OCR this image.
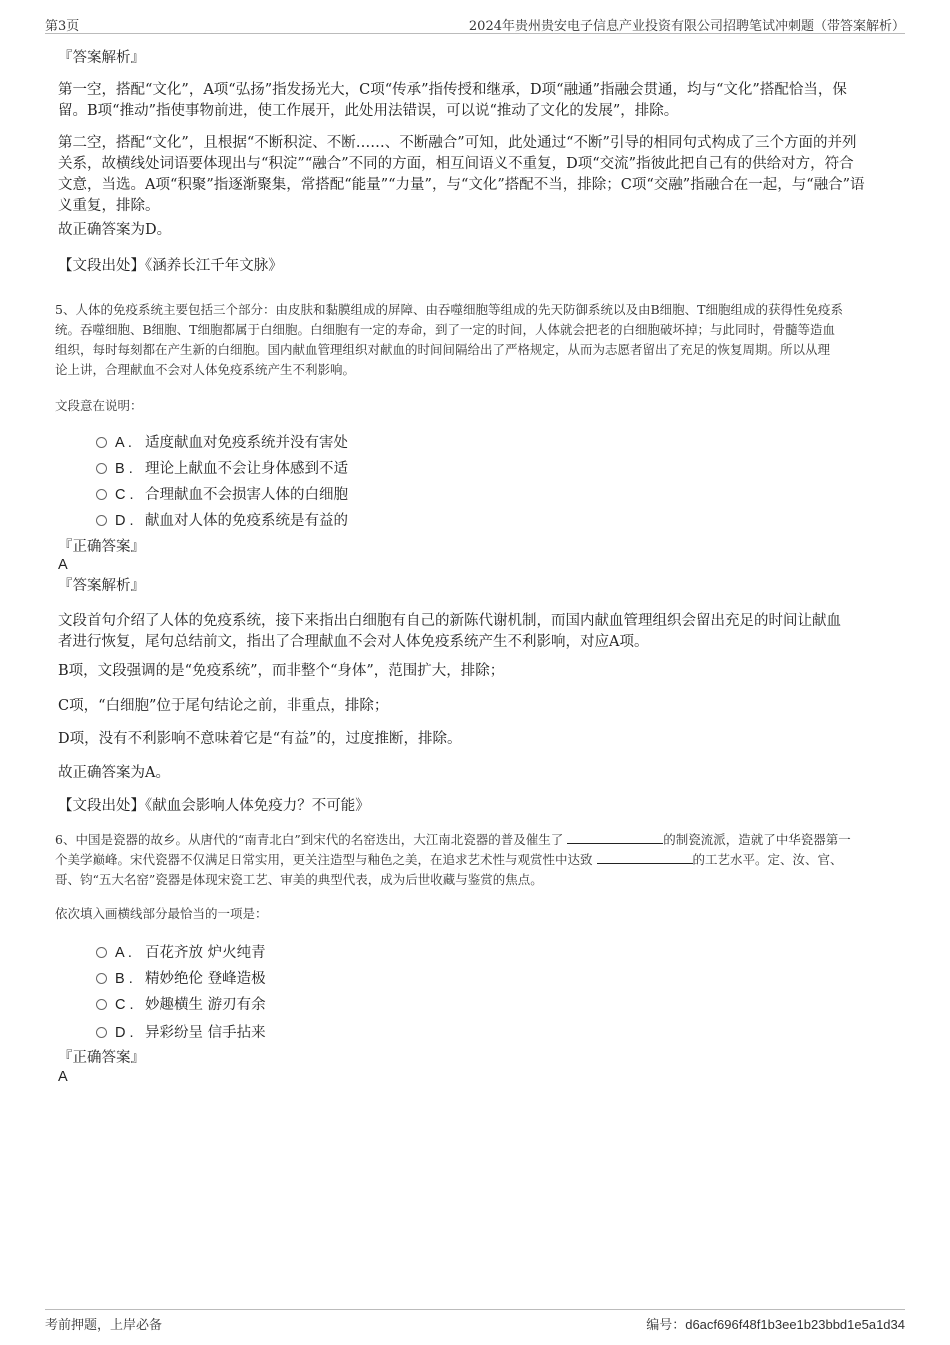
第3页	2024年贵州贵安电子信息产业投资有限公司招聘笔试冲刺题（带答案解析）
『答案解析』
第一空，搭配“文化”，A项“弘扬”指发扬光大，C项“传承”指传授和继承，D项“融通”指融会贯通，均与“文化”搭配恰当，保
留。B项“推动”指使事物前进，使工作展开，此处用法错误，可以说“推动了文化的发展”，排除。
第二空，搭配“文化”，且根据“不断积淀、不断……、不断融合”可知，此处通过“不断”引导的相同句式构成了三个方面的并列
关系，故横线处词语要体现出与“积淀”“融合”不同的方面，相互间语义不重复，D项“交流”指彼此把自己有的供给对方，符合
文意，当选。A项“积聚”指逐渐聚集，常搭配“能量”“力量”，与“文化”搭配不当，排除；C项“交融”指融合在一起，与“融合”语
义重复，排除。
故正确答案为D。
【文段出处】《涵养长江千年文脉》
5、人体的免疫系统主要包括三个部分：由皮肤和黏膜组成的屏障、由吞噬细胞等组成的先天防御系统以及由B细胞、T细胞组成的获得性免疫系
统。吞噬细胞、B细胞、T细胞都属于白细胞。白细胞有一定的寿命，到了一定的时间，人体就会把老的白细胞破坏掉；与此同时，骨髓等造血
组织，每时每刻都在产生新的白细胞。国内献血管理组织对献血的时间间隔给出了严格规定，从而为志愿者留出了充足的恢复周期。所以从理
论上讲，合理献血不会对人体免疫系统产生不利影响。
文段意在说明：
A . 适度献血对免疫系统并没有害处
B . 理论上献血不会让身体感到不适
C . 合理献血不会损害人体的白细胞
D . 献血对人体的免疫系统是有益的
『正确答案』
A
『答案解析』
文段首句介绍了人体的免疫系统，接下来指出白细胞有自己的新陈代谢机制，而国内献血管理组织会留出充足的时间让献血
者进行恢复，尾句总结前文，指出了合理献血不会对人体免疫系统产生不利影响，对应A项。
B项，文段强调的是“免疫系统”，而非整个“身体”，范围扩大，排除；
C项，“白细胞”位于尾句结论之前，非重点，排除；
D项，没有不利影响不意味着它是“有益”的，过度推断，排除。
故正确答案为A。
【文段出处】《献血会影响人体免疫力？不可能》
6、中国是瓷器的故乡。从唐代的“南青北白”到宋代的名窑迭出，大江南北瓷器的普及催生了	的制瓷流派，造就了中华瓷器第一
个美学巅峰。宋代瓷器不仅满足日常实用，更关注造型与釉色之美，在追求艺术性与观赏性中达致	的工艺水平。定、汝、官、
哥、钧“五大名窑”瓷器是体现宋瓷工艺、审美的典型代表，成为后世收藏与鉴赏的焦点。
依次填入画横线部分最恰当的一项是：
A . 百花齐放 炉火纯青
B . 精妙绝伦 登峰造极
C . 妙趣横生 游刃有余
D . 异彩纷呈 信手拈来
『正确答案』
A
考前押题，上岸必备	编号：d6acf696f48f1b3ee1b23bbd1e5a1d34
